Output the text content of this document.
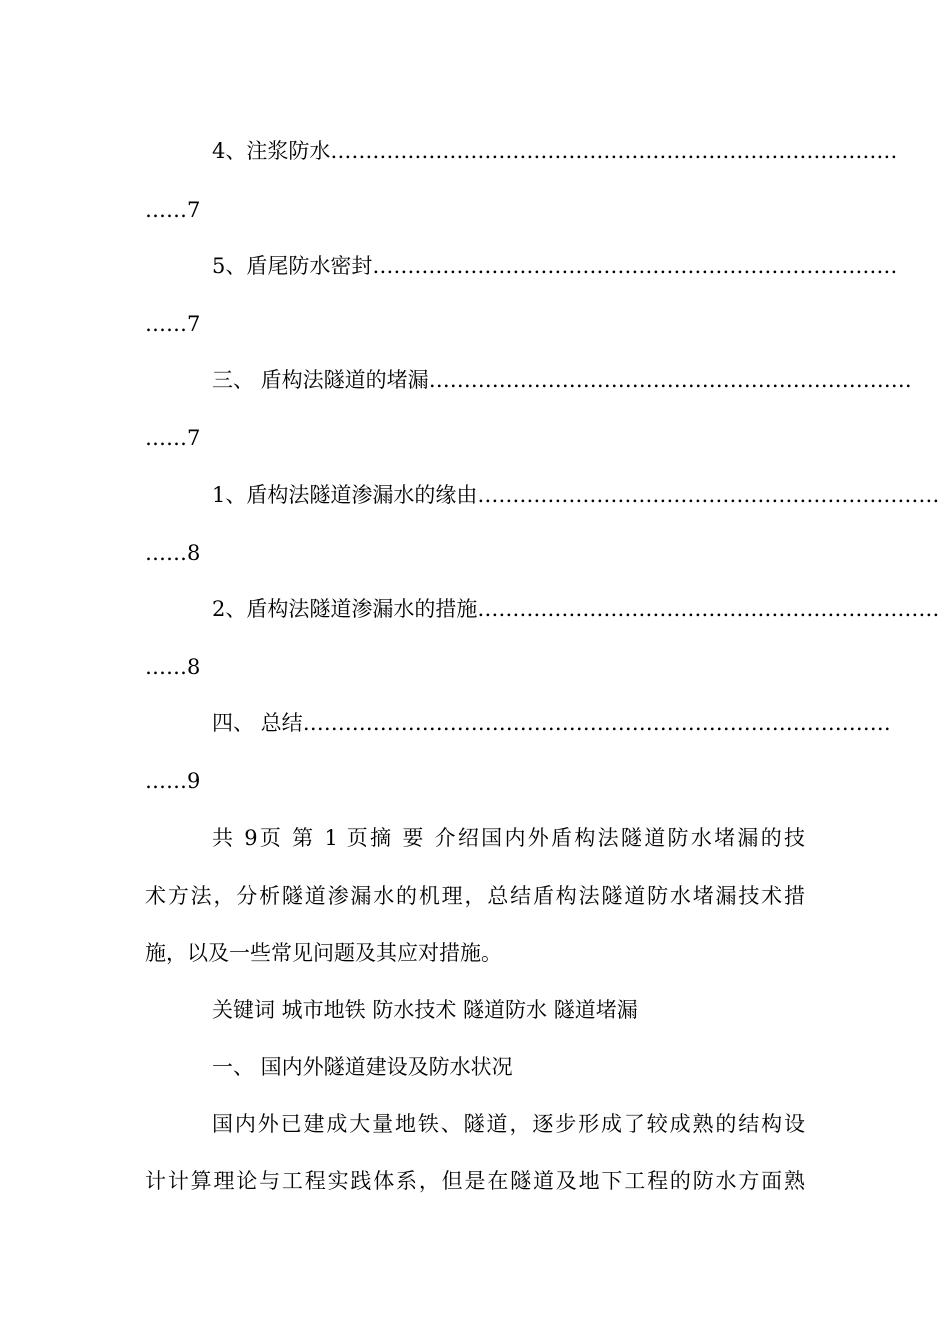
4、注浆防水 ………………………………………………………………………
……7
5、盾尾防水密封 …………………………………………………………………
……7
三、 盾构法隧道的堵漏 ……………………………………………………………
……7
1、盾构法隧道渗漏水的缘由 …………………………………………………………
……8
2、盾构法隧道渗漏水的措施 …………………………………………………………
……8
四、 总结 …………………………………………………………………………
……9
共 9页 第 1 页摘 要 介绍国内外盾构法隧道防水堵漏的技
术方法，分析隧道渗漏水的机理，总结盾构法隧道防水堵漏技术措
施，以及一些常见问题及其应对措施。
关键词 城市地铁 防水技术 隧道防水 隧道堵漏
一、 国内外隧道建设及防水状况
国内外已建成大量地铁、隧道，逐步形成了较成熟的结构设
计计算理论与工程实践体系，但是在隧道及地下工程的防水方面熟
